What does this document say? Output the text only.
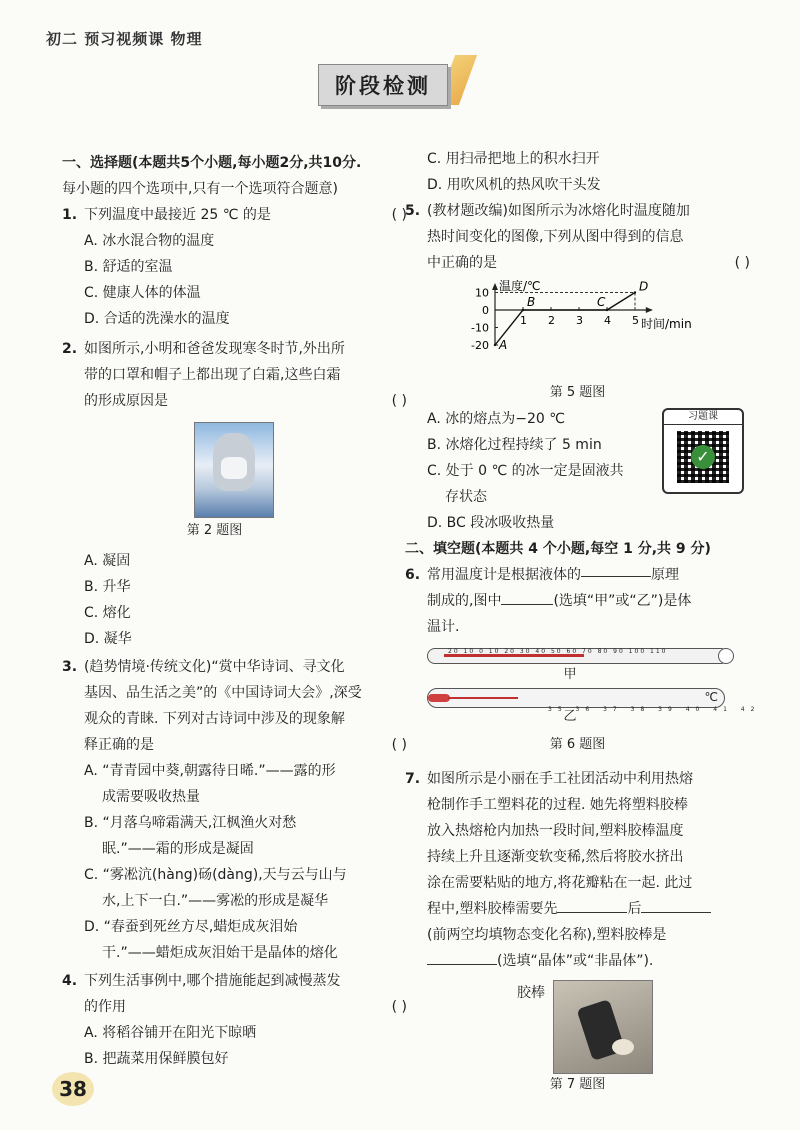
初二 预习视频课 物理
阶段检测

一、选择题(本题共5个小题,每小题2分,共10分.

每小题的四个选项中,只有一个选项符合题意)

1. 下列温度中最接近 25 ℃ 的是	( )

A. 冰水混合物的温度

B. 舒适的室温

C. 健康人体的体温

D. 合适的洗澡水的温度

2. 如图所示,小明和爸爸发现寒冬时节,外出所

带的口罩和帽子上都出现了白霜,这些白霜

的形成原因是	( )

第 2 题图

A. 凝固

B. 升华

C. 熔化

D. 凝华

3. (趋势情境·传统文化)“赏中华诗词、寻文化

基因、品生活之美”的《中国诗词大会》,深受

观众的青睐. 下列对古诗词中涉及的现象解

释正确的是	( )

A. “青青园中葵,朝露待日晞.”——露的形

成需要吸收热量

B. “月落乌啼霜满天,江枫渔火对愁

眠.”——霜的形成是凝固

C. “雾凇沆(hàng)砀(dàng),天与云与山与

水,上下一白.”——雾凇的形成是凝华

D. “春蚕到死丝方尽,蜡炬成灰泪始

干.”——蜡炬成灰泪始干是晶体的熔化

4. 下列生活事例中,哪个措施能起到减慢蒸发

的作用	( )

A. 将稻谷铺开在阳光下晾晒

B. 把蔬菜用保鲜膜包好

C. 用扫帚把地上的积水扫开

D. 用吹风机的热风吹干头发

5. (教材题改编)如图所示为冰熔化时温度随加

热时间变化的图像,下列从图中得到的信息

中正确的是	( )

温度/℃
时间/min
1 2 3 4 5
10
0
-10
-20 A
B	C
D

第 5 题图

习题课
✓

A. 冰的熔点为−20 ℃

B. 冰熔化过程持续了 5 min

C. 处于 0 ℃ 的冰一定是固液共

存状态

D. BC 段冰吸收热量

二、填空题(本题共 4 个小题,每空 1 分,共 9 分)

6. 常用温度计是根据液体的	原理

制成的,图中	(选填“甲”或“乙”)是体

温计.

20 10 0 10 20 30 40 50 60 70 80 90 100 110
甲
35 36 37 38 39 40 41 42
℃
乙

第 6 题图

7. 如图所示是小丽在手工社团活动中利用热熔

枪制作手工塑料花的过程. 她先将塑料胶棒

放入热熔枪内加热一段时间,塑料胶棒温度

持续上升且逐渐变软变稀,然后将胶水挤出

涂在需要粘贴的地方,将花瓣粘在一起. 此过

程中,塑料胶棒需要先	后

(前两空均填物态变化名称),塑料胶棒是

(选填“晶体”或“非晶体”).

胶棒

第 7 题图

38
